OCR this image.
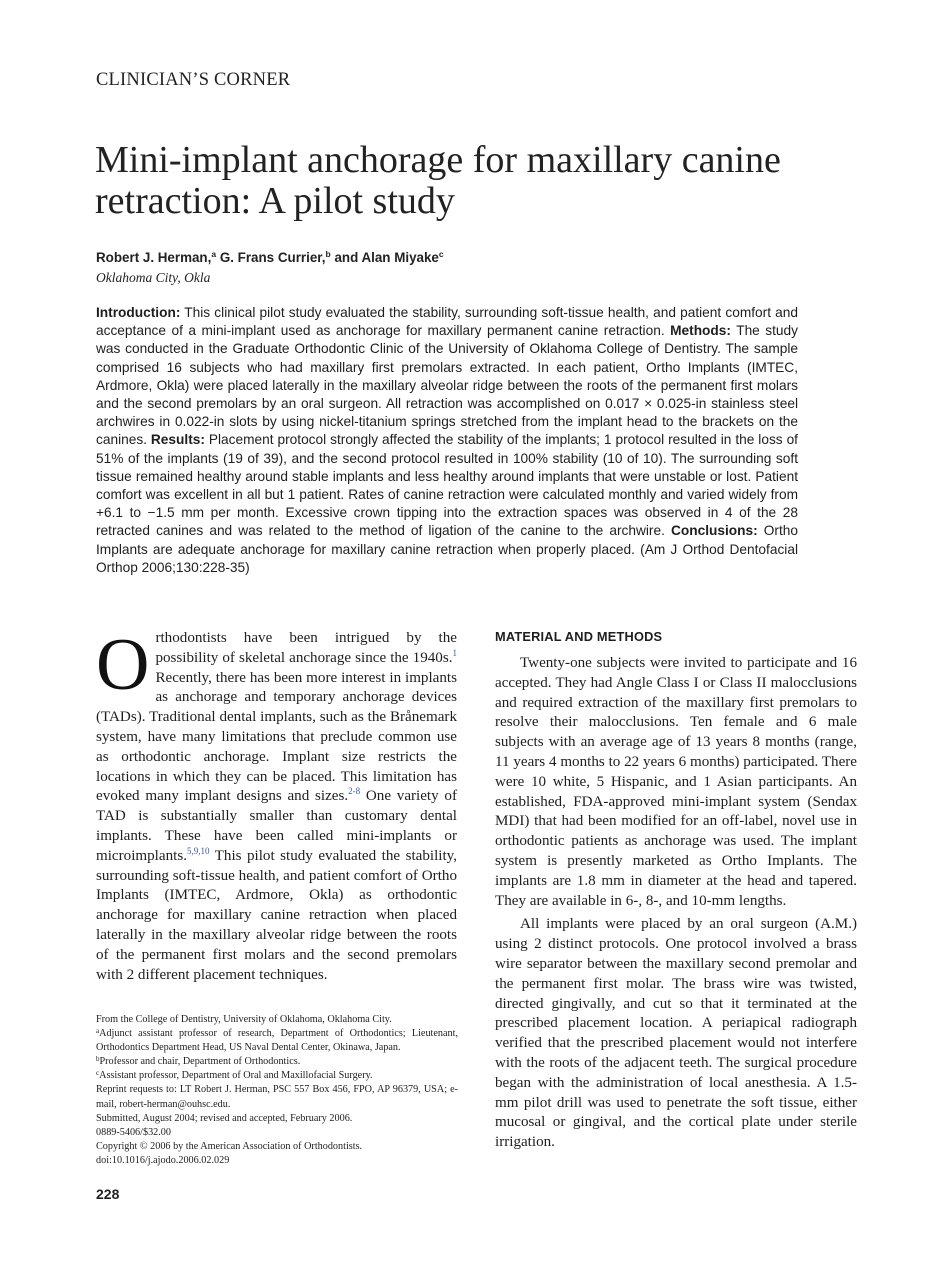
CLINICIAN’S CORNER
Mini-implant anchorage for maxillary canine retraction: A pilot study
Robert J. Herman,$^a$ G. Frans Currier,$^b$ and Alan Miyake$^c$
Oklahoma City, Okla

Introduction: This clinical pilot study evaluated the stability, surrounding soft-tissue health, and patient comfort and acceptance of a mini-implant used as anchorage for maxillary permanent canine retraction. Methods: The study was conducted in the Graduate Orthodontic Clinic of the University of Oklahoma College of Dentistry. The sample comprised 16 subjects who had maxillary first premolars extracted. In each patient, Ortho Implants (IMTEC, Ardmore, Okla) were placed laterally in the maxillary alveolar ridge between the roots of the permanent first molars and the second premolars by an oral surgeon. All retraction was accomplished on 0.017 × 0.025-in stainless steel archwires in 0.022-in slots by using nickel-titanium springs stretched from the implant head to the brackets on the canines. Results: Placement protocol strongly affected the stability of the implants; 1 protocol resulted in the loss of 51% of the implants (19 of 39), and the second protocol resulted in 100% stability (10 of 10). The surrounding soft tissue remained healthy around stable implants and less healthy around implants that were unstable or lost. Patient comfort was excellent in all but 1 patient. Rates of canine retraction were calculated monthly and varied widely from +6.1 to −1.5 mm per month. Excessive crown tipping into the extraction spaces was observed in 4 of the 28 retracted canines and was related to the method of ligation of the canine to the archwire. Conclusions: Ortho Implants are adequate anchorage for maxillary canine retraction when properly placed. (Am J Orthod Dentofacial Orthop 2006;130:228-35)

Orthodontists have been intrigued by the possibility of skeletal anchorage since the 1940s.$^1$ Recently, there has been more interest in implants as anchorage and temporary anchorage devices (TADs). Traditional dental implants, such as the Brånemark system, have many limitations that preclude common use as orthodontic anchorage. Implant size restricts the locations in which they can be placed. This limitation has evoked many implant designs and sizes.$^{2-8}$ One variety of TAD is substantially smaller than customary dental implants. These have been called mini-implants or microimplants.$^{5,9,10}$ This pilot study evaluated the stability, surrounding soft-tissue health, and patient comfort of Ortho Implants (IMTEC, Ardmore, Okla) as orthodontic anchorage for maxillary canine retraction when placed laterally in the maxillary alveolar ridge between the roots of the permanent first molars and the second premolars with 2 different placement techniques.

From the College of Dentistry, University of Oklahoma, Oklahoma City.
$^a$Adjunct assistant professor of research, Department of Orthodontics; Lieutenant, Orthodontics Department Head, US Naval Dental Center, Okinawa, Japan.
$^b$Professor and chair, Department of Orthodontics.
$^c$Assistant professor, Department of Oral and Maxillofacial Surgery.
Reprint requests to: LT Robert J. Herman, PSC 557 Box 456, FPO, AP 96379, USA; e-mail, robert-herman@ouhsc.edu.
Submitted, August 2004; revised and accepted, February 2006.
0889-5406/$32.00
Copyright © 2006 by the American Association of Orthodontists.
doi:10.1016/j.ajodo.2006.02.029
MATERIAL AND METHODS

Twenty-one subjects were invited to participate and 16 accepted. They had Angle Class I or Class II malocclusions and required extraction of the maxillary first premolars to resolve their malocclusions. Ten female and 6 male subjects with an average age of 13 years 8 months (range, 11 years 4 months to 22 years 6 months) participated. There were 10 white, 5 Hispanic, and 1 Asian participants. An established, FDA-approved mini-implant system (Sendax MDI) that had been modified for an off-label, novel use in orthodontic patients as anchorage was used. The implant system is presently marketed as Ortho Implants. The implants are 1.8 mm in diameter at the head and tapered. They are available in 6-, 8-, and 10-mm lengths.

All implants were placed by an oral surgeon (A.M.) using 2 distinct protocols. One protocol involved a brass wire separator between the maxillary second premolar and the permanent first molar. The brass wire was twisted, directed gingivally, and cut so that it terminated at the prescribed placement location. A periapical radiograph verified that the prescribed placement would not interfere with the roots of the adjacent teeth. The surgical procedure began with the administration of local anesthesia. A 1.5-mm pilot drill was used to penetrate the soft tissue, either mucosal or gingival, and the cortical plate under sterile irrigation.

228
